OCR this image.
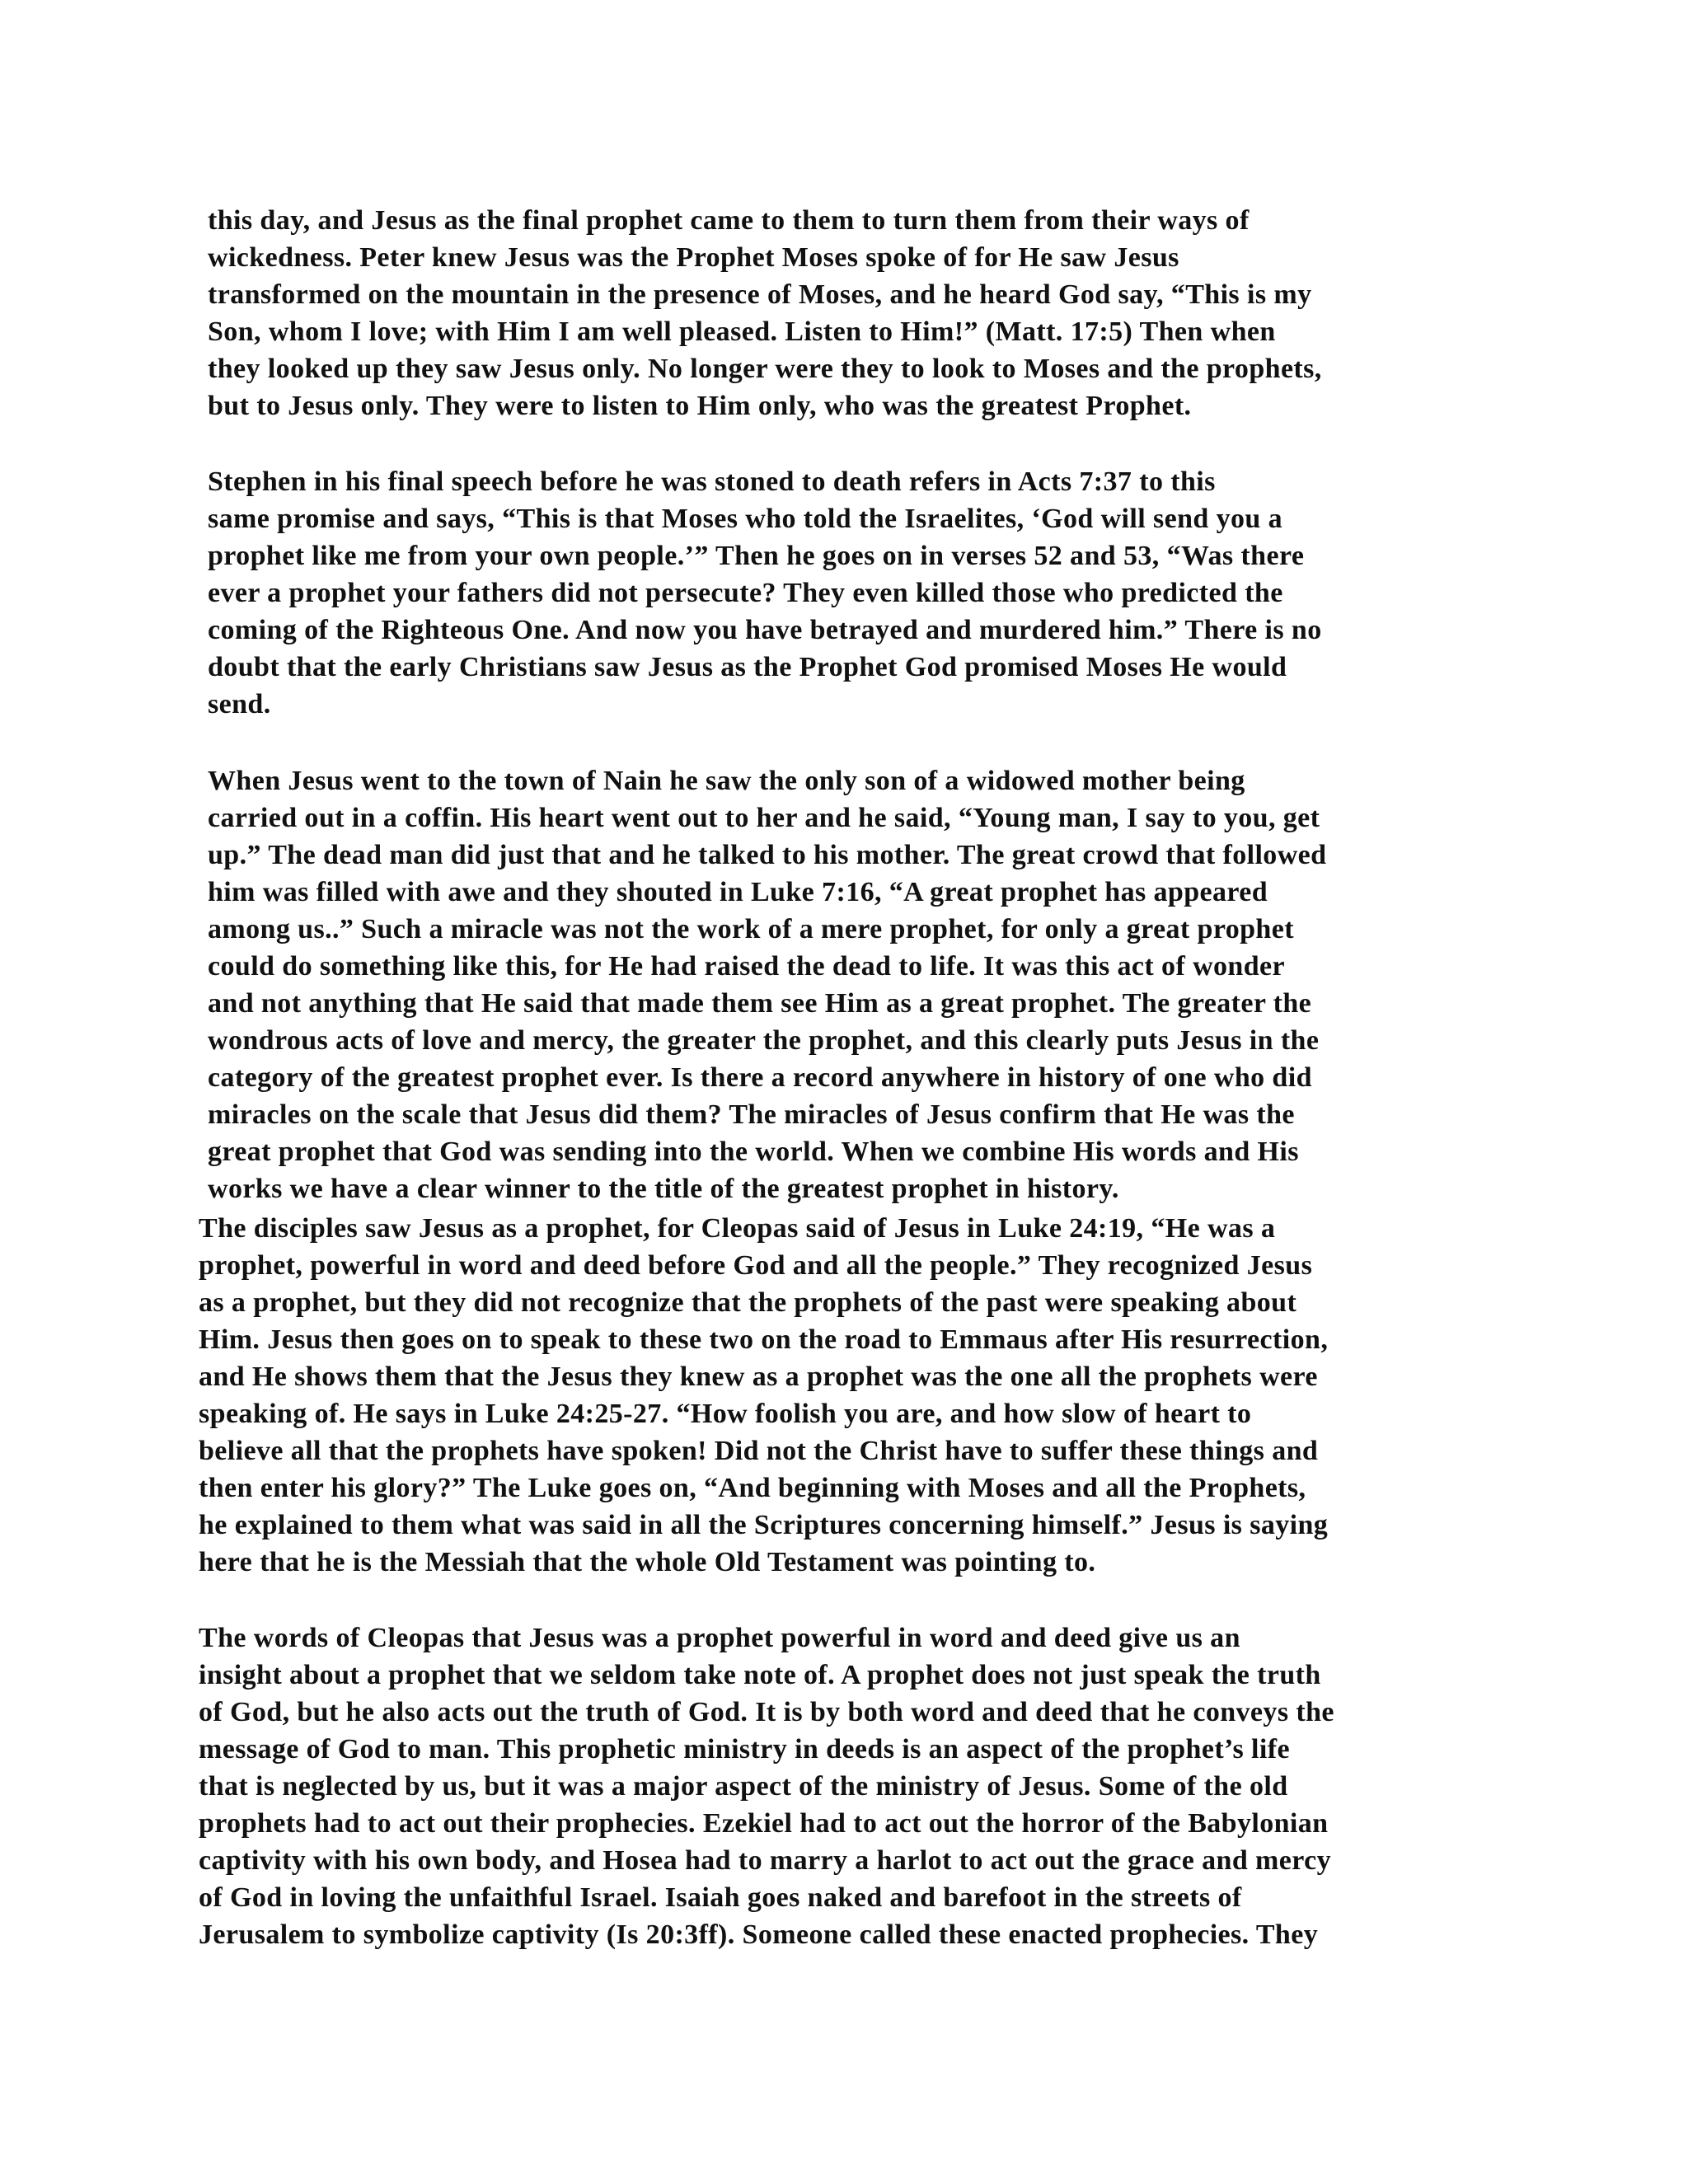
this day, and Jesus as the final prophet came to them to turn them from their ways of
wickedness. Peter knew Jesus was the Prophet Moses spoke of for He saw Jesus
transformed on the mountain in the presence of Moses, and he heard God say, “This is my
Son, whom I love; with Him I am well pleased. Listen to Him!” (Matt. 17:5) Then when
they looked up they saw Jesus only. No longer were they to look to Moses and the prophets,
but to Jesus only. They were to listen to Him only, who was the greatest Prophet.

Stephen in his final speech before he was stoned to death refers in Acts 7:37 to this
same promise and says, “This is that Moses who told the Israelites, ‘God will send you a
prophet like me from your own people.’” Then he goes on in verses 52 and 53, “Was there
ever a prophet your fathers did not persecute? They even killed those who predicted the
coming of the Righteous One. And now you have betrayed and murdered him.” There is no
doubt that the early Christians saw Jesus as the Prophet God promised Moses He would
send.

When Jesus went to the town of Nain he saw the only son of a widowed mother being
carried out in a coffin. His heart went out to her and he said, “Young man, I say to you, get
up.” The dead man did just that and he talked to his mother. The great crowd that followed
him was filled with awe and they shouted in Luke 7:16, “A great prophet has appeared
among us..” Such a miracle was not the work of a mere prophet, for only a great prophet
could do something like this, for He had raised the dead to life. It was this act of wonder
and not anything that He said that made them see Him as a great prophet. The greater the
wondrous acts of love and mercy, the greater the prophet, and this clearly puts Jesus in the
category of the greatest prophet ever. Is there a record anywhere in history of one who did
miracles on the scale that Jesus did them? The miracles of Jesus confirm that He was the
great prophet that God was sending into the world. When we combine His words and His
works we have a clear winner to the title of the greatest prophet in history.

The disciples saw Jesus as a prophet, for Cleopas said of Jesus in Luke 24:19, “He was a
prophet, powerful in word and deed before God and all the people.” They recognized Jesus
as a prophet, but they did not recognize that the prophets of the past were speaking about
Him. Jesus then goes on to speak to these two on the road to Emmaus after His resurrection,
and He shows them that the Jesus they knew as a prophet was the one all the prophets were
speaking of. He says in Luke 24:25-27. “How foolish you are, and how slow of heart to
believe all that the prophets have spoken! Did not the Christ have to suffer these things and
then enter his glory?” The Luke goes on, “And beginning with Moses and all the Prophets,
he explained to them what was said in all the Scriptures concerning himself.” Jesus is saying
here that he is the Messiah that the whole Old Testament was pointing to.

The words of Cleopas that Jesus was a prophet powerful in word and deed give us an
insight about a prophet that we seldom take note of. A prophet does not just speak the truth
of God, but he also acts out the truth of God. It is by both word and deed that he conveys the
message of God to man. This prophetic ministry in deeds is an aspect of the prophet’s life
that is neglected by us, but it was a major aspect of the ministry of Jesus. Some of the old
prophets had to act out their prophecies. Ezekiel had to act out the horror of the Babylonian
captivity with his own body, and Hosea had to marry a harlot to act out the grace and mercy
of God in loving the unfaithful Israel. Isaiah goes naked and barefoot in the streets of
Jerusalem to symbolize captivity (Is 20:3ff). Someone called these enacted prophecies. They
